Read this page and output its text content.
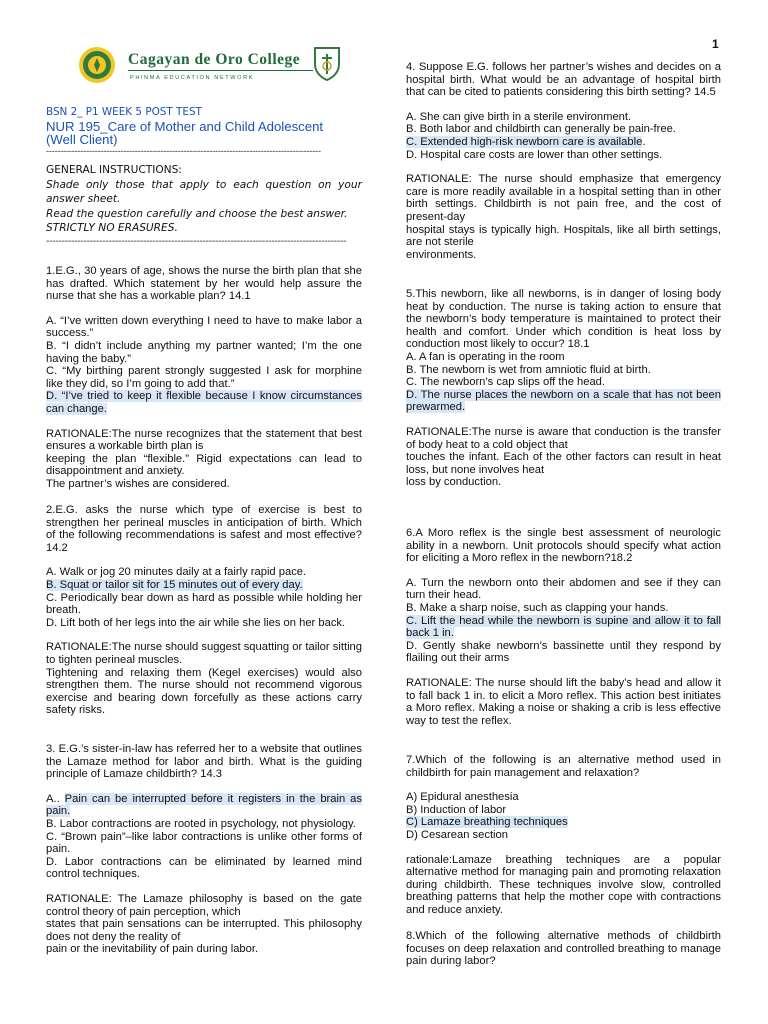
1
Cagayan de Oro College
PHINMA EDUCATION NETWORK

BSN 2_ P1 WEEK 5 POST TEST

NUR 195_Care of Mother and Child Adolescent
(Well Client)

------------------------------------------------------------------------------------------------

GENERAL INSTRUCTIONS:

Shade only those that apply to each question on your answer sheet.

Read the question carefully and choose the best answer.

STRICTLY NO ERASURES.

------------------------------------------------------------------------------------------------

1.E.G., 30 years of age, shows the nurse the birth plan that she has drafted. Which statement by her would help assure the nurse that she has a workable plan? 14.1

A. “I’ve written down everything I need to have to make labor a success.”

B. “I didn’t include anything my partner wanted; I’m the one having the baby.”

C. “My birthing parent strongly suggested I ask for morphine like they did, so I’m going to add that.”

D. “I’ve tried to keep it flexible because I know circumstances can change.

RATIONALE:The nurse recognizes that the statement that best ensures a workable birth plan is

keeping the plan “flexible.” Rigid expectations can lead to disappointment and anxiety.

The partner’s wishes are considered.

2.E.G. asks the nurse which type of exercise is best to strengthen her perineal muscles in anticipation of birth. Which of the following recommendations is safest and most effective? 14.2

A. Walk or jog 20 minutes daily at a fairly rapid pace.

B. Squat or tailor sit for 15 minutes out of every day.

C. Periodically bear down as hard as possible while holding her breath.

D. Lift both of her legs into the air while she lies on her back.

RATIONALE:The nurse should suggest squatting or tailor sitting to tighten perineal muscles.

Tightening and relaxing them (Kegel exercises) would also strengthen them. The nurse should not recommend vigorous exercise and bearing down forcefully as these actions carry safety risks.

3. E.G.’s sister-in-law has referred her to a website that outlines the Lamaze method for labor and birth. What is the guiding principle of Lamaze childbirth? 14.3

A.. Pain can be interrupted before it registers in the brain as pain.

B. Labor contractions are rooted in psychology, not physiology.

C. “Brown pain”–like labor contractions is unlike other forms of pain.

D. Labor contractions can be eliminated by learned mind control techniques.

RATIONALE: The Lamaze philosophy is based on the gate control theory of pain perception, which

states that pain sensations can be interrupted. This philosophy does not deny the reality of

pain or the inevitability of pain during labor.

4. Suppose E.G. follows her partner’s wishes and decides on a hospital birth. What would be an advantage of hospital birth that can be cited to patients considering this birth setting? 14.5

A. She can give birth in a sterile environment.

B. Both labor and childbirth can generally be pain-free.

C. Extended high-risk newborn care is available.

D. Hospital care costs are lower than other settings.

RATIONALE: The nurse should emphasize that emergency care is more readily available in a hospital setting than in other birth settings. Childbirth is not pain free, and the cost of present-day

hospital stays is typically high. Hospitals, like all birth settings, are not sterile

environments.

5.This newborn, like all newborns, is in danger of losing body heat by conduction. The nurse is taking action to ensure that the newborn’s body temperature is maintained to protect their health and comfort. Under which condition is heat loss by conduction most likely to occur? 18.1

A. A fan is operating in the room

B. The newborn is wet from amniotic fluid at birth.

C. The newborn’s cap slips off the head.

D. The nurse places the newborn on a scale that has not been prewarmed.

RATIONALE:The nurse is aware that conduction is the transfer of body heat to a cold object that

touches the infant. Each of the other factors can result in heat loss, but none involves heat

loss by conduction.

6.A Moro reflex is the single best assessment of neurologic ability in a newborn. Unit protocols should specify what action for eliciting a Moro reflex in the newborn?18.2

A. Turn the newborn onto their abdomen and see if they can turn their head.

B. Make a sharp noise, such as clapping your hands.

C. Lift the head while the newborn is supine and allow it to fall back 1 in.

D. Gently shake newborn’s bassinette until they respond by flailing out their arms

RATIONALE: The nurse should lift the baby’s head and allow it to fall back 1 in. to elicit a Moro reflex. This action best initiates a Moro reflex. Making a noise or shaking a crib is less effective way to test the reflex.

7.Which of the following is an alternative method used in childbirth for pain management and relaxation?

A) Epidural anesthesia

B) Induction of labor

C) Lamaze breathing techniques

D) Cesarean section

rationale:Lamaze breathing techniques are a popular alternative method for managing pain and promoting relaxation during childbirth. These techniques involve slow, controlled breathing patterns that help the mother cope with contractions and reduce anxiety.

8.Which of the following alternative methods of childbirth focuses on deep relaxation and controlled breathing to manage pain during labor?
